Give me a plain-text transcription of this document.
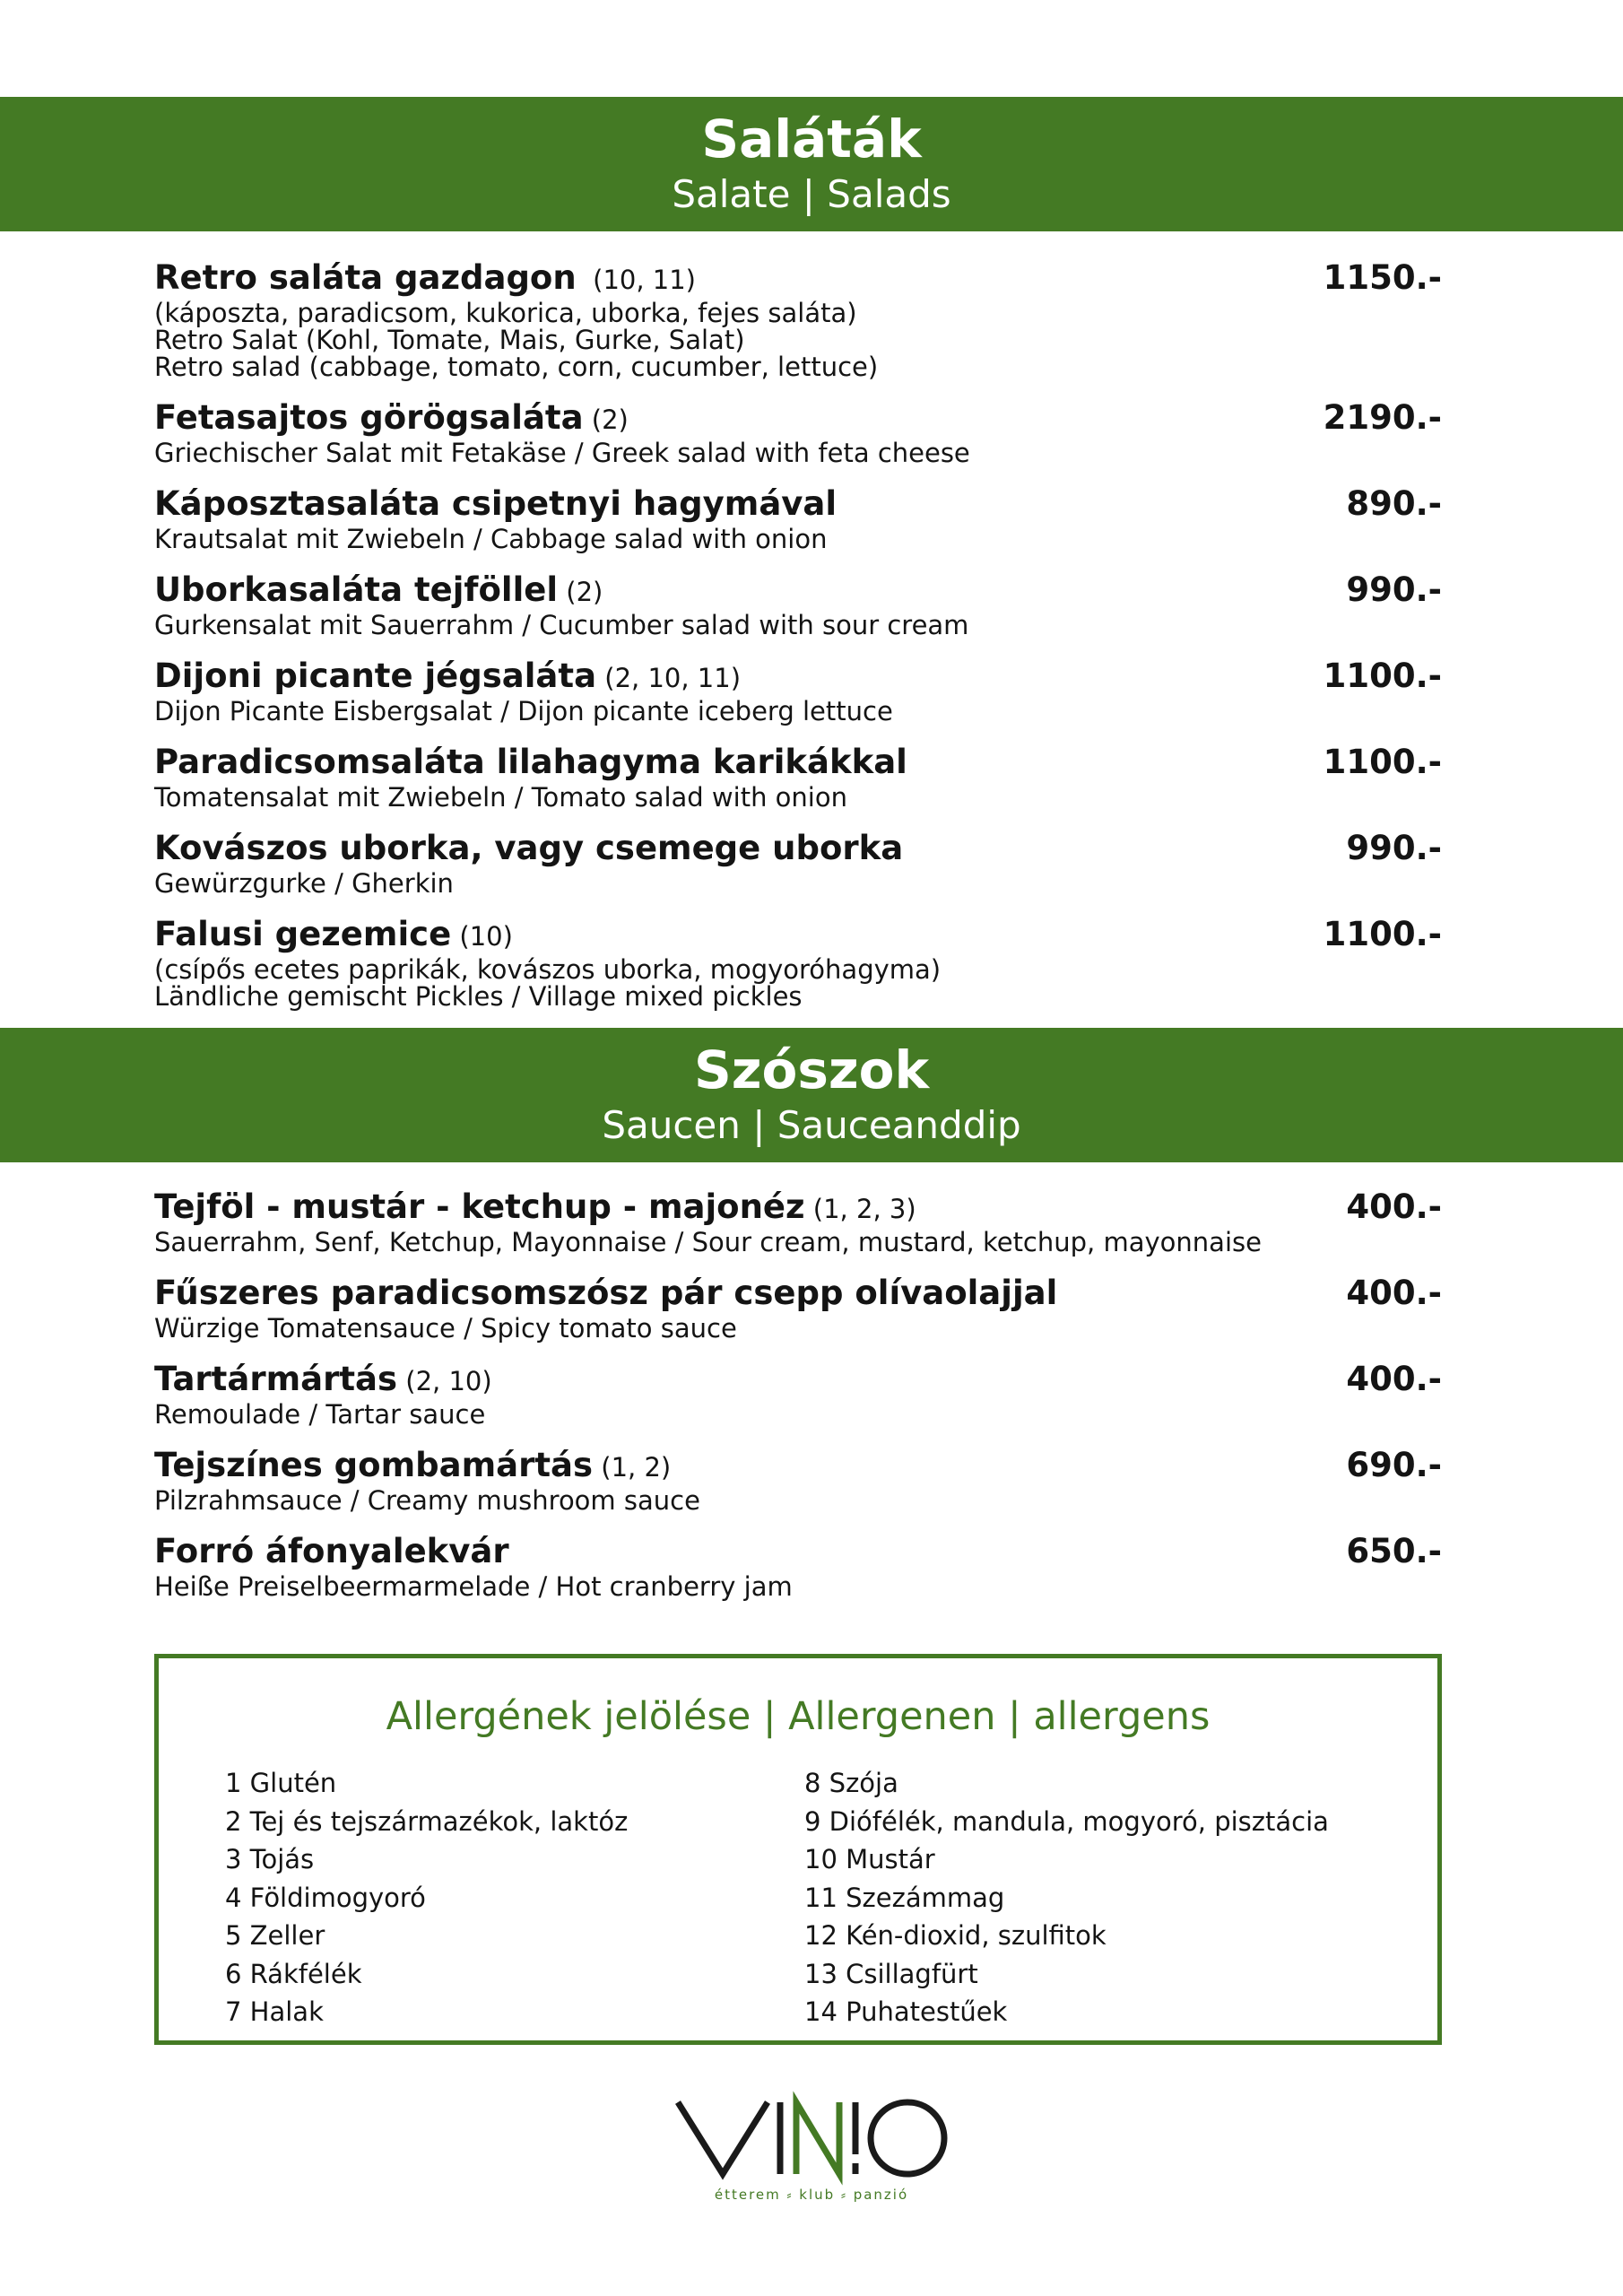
Saláták
Salate | Salads
Retro saláta gazdagon  (10, 11)	1150.-
(káposzta, paradicsom, kukorica, uborka, fejes saláta)
Retro Salat (Kohl, Tomate, Mais, Gurke, Salat)
Retro salad (cabbage, tomato, corn, cucumber, lettuce)
Fetasajtos görögsaláta (2)	2190.-
Griechischer Salat mit Fetakäse / Greek salad with feta cheese
Káposztasaláta csipetnyi hagymával	890.-
Krautsalat mit Zwiebeln / Cabbage salad with onion
Uborkasaláta tejföllel (2)	990.-
Gurkensalat mit Sauerrahm / Cucumber salad with sour cream
Dijoni picante jégsaláta (2, 10, 11)	1100.-
Dijon Picante Eisbergsalat / Dijon picante iceberg lettuce
Paradicsomsaláta lilahagyma karikákkal	1100.-
Tomatensalat mit Zwiebeln / Tomato salad with onion
Kovászos uborka, vagy csemege uborka	990.-
Gewürzgurke / Gherkin
Falusi gezemice (10)	1100.-
(csípős ecetes paprikák, kovászos uborka, mogyoróhagyma)
Ländliche gemischt Pickles / Village mixed pickles
Szószok
Saucen | Sauceanddip
Tejföl - mustár - ketchup - majonéz (1, 2, 3)	400.-
Sauerrahm, Senf, Ketchup, Mayonnaise / Sour cream, mustard, ketchup, mayonnaise
Fűszeres paradicsomszósz pár csepp olívaolajjal	400.-
Würzige Tomatensauce / Spicy tomato sauce
Tartármártás (2, 10)	400.-
Remoulade / Tartar sauce
Tejszínes gombamártás (1, 2)	690.-
Pilzrahmsauce / Creamy mushroom sauce
Forró áfonyalekvár	650.-
Heiße Preiselbeermarmelade / Hot cranberry jam
Allergének jelölése | Allergenen | allergens
1 Glutén
2 Tej és tejszármazékok, laktóz
3 Tojás
4 Földimogyoró
5 Zeller
6 Rákfélék
7 Halak
8 Szója
9 Diófélék, mandula, mogyoró, pisztácia
10 Mustár
11 Szezámmag
12 Kén-dioxid, szulfitok
13 Csillagfürt
14 Puhatestűek
étterem ⸗ klub ⸗ panzió
